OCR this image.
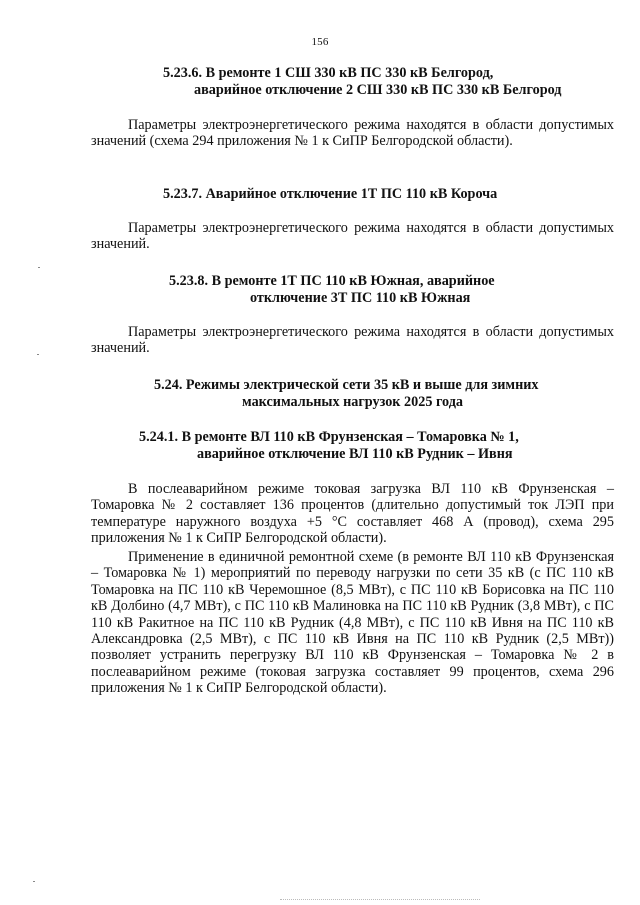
156
5.23.6. В ремонте 1 СШ 330 кВ ПС 330 кВ Белгород,
аварийное отключение 2 СШ 330 кВ ПС 330 кВ Белгород
Параметры электроэнергетического режима находятся в области допустимых значений (схема 294 приложения № 1 к СиПР Белгородской области).
5.23.7. Аварийное отключение 1Т ПС 110 кВ Короча
Параметры электроэнергетического режима находятся в области допустимых значений.
5.23.8. В ремонте 1Т ПС 110 кВ Южная, аварийное
отключение 3Т ПС 110 кВ Южная
Параметры электроэнергетического режима находятся в области допустимых значений.
5.24. Режимы электрической сети 35 кВ и выше для зимних
максимальных нагрузок 2025 года
5.24.1. В ремонте ВЛ 110 кВ Фрунзенская – Томаровка № 1,
аварийное отключение ВЛ 110 кВ Рудник – Ивня
В послеаварийном режиме токовая загрузка ВЛ 110 кВ Фрунзенская – Томаровка № 2 составляет 136 процентов (длительно допустимый ток ЛЭП при температуре наружного воздуха +5 °С составляет 468 А (провод), схема 295 приложения № 1 к СиПР Белгородской области).
Применение в единичной ремонтной схеме (в ремонте ВЛ 110 кВ Фрунзенская – Томаровка № 1) мероприятий по переводу нагрузки по сети 35 кВ (с ПС 110 кВ Томаровка на ПС 110 кВ Черемошное (8,5 МВт), с ПС 110 кВ Борисовка на ПС 110 кВ Долбино (4,7 МВт), с ПС 110 кВ Малиновка на ПС 110 кВ Рудник (3,8 МВт), с ПС 110 кВ Ракитное на ПС 110 кВ Рудник (4,8 МВт), с ПС 110 кВ Ивня на ПС 110 кВ Александровка (2,5 МВт), с ПС 110 кВ Ивня на ПС 110 кВ Рудник (2,5 МВт)) позволяет устранить перегрузку ВЛ 110 кВ Фрунзенская – Томаровка № 2 в послеаварийном режиме (токовая загрузка составляет 99 процентов, схема 296 приложения № 1 к СиПР Белгородской области).
